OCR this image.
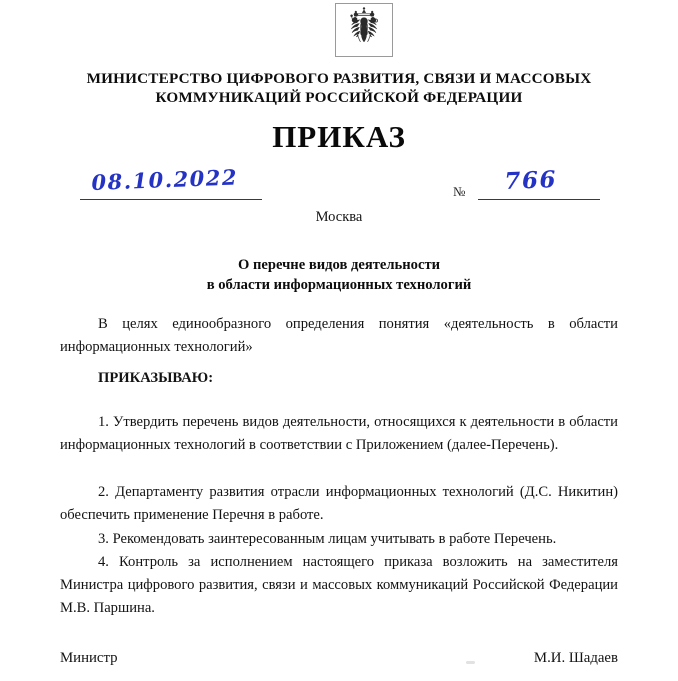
МИНИСТЕРСТВО ЦИФРОВОГО РАЗВИТИЯ, СВЯЗИ И МАССОВЫХ КОММУНИКАЦИЙ РОССИЙСКОЙ ФЕДЕРАЦИИ
ПРИКАЗ
08.10.2022	№ 766
Москва
О перечне видов деятельности
в области информационных технологий

В целях единообразного определения понятия «деятельность в области информационных технологий»

ПРИКАЗЫВАЮ:

1. Утвердить перечень видов деятельности, относящихся к деятельности в области информационных технологий в соответствии с Приложением (далее-Перечень).

2. Департаменту развития отрасли информационных технологий (Д.С. Никитин) обеспечить применение Перечня в работе.

3. Рекомендовать заинтересованным лицам учитывать в работе Перечень.

4. Контроль за исполнением настоящего приказа возложить на заместителя Министра цифрового развития, связи и массовых коммуникаций Российской Федерации М.В. Паршина.

Министр	М.И. Шадаев
